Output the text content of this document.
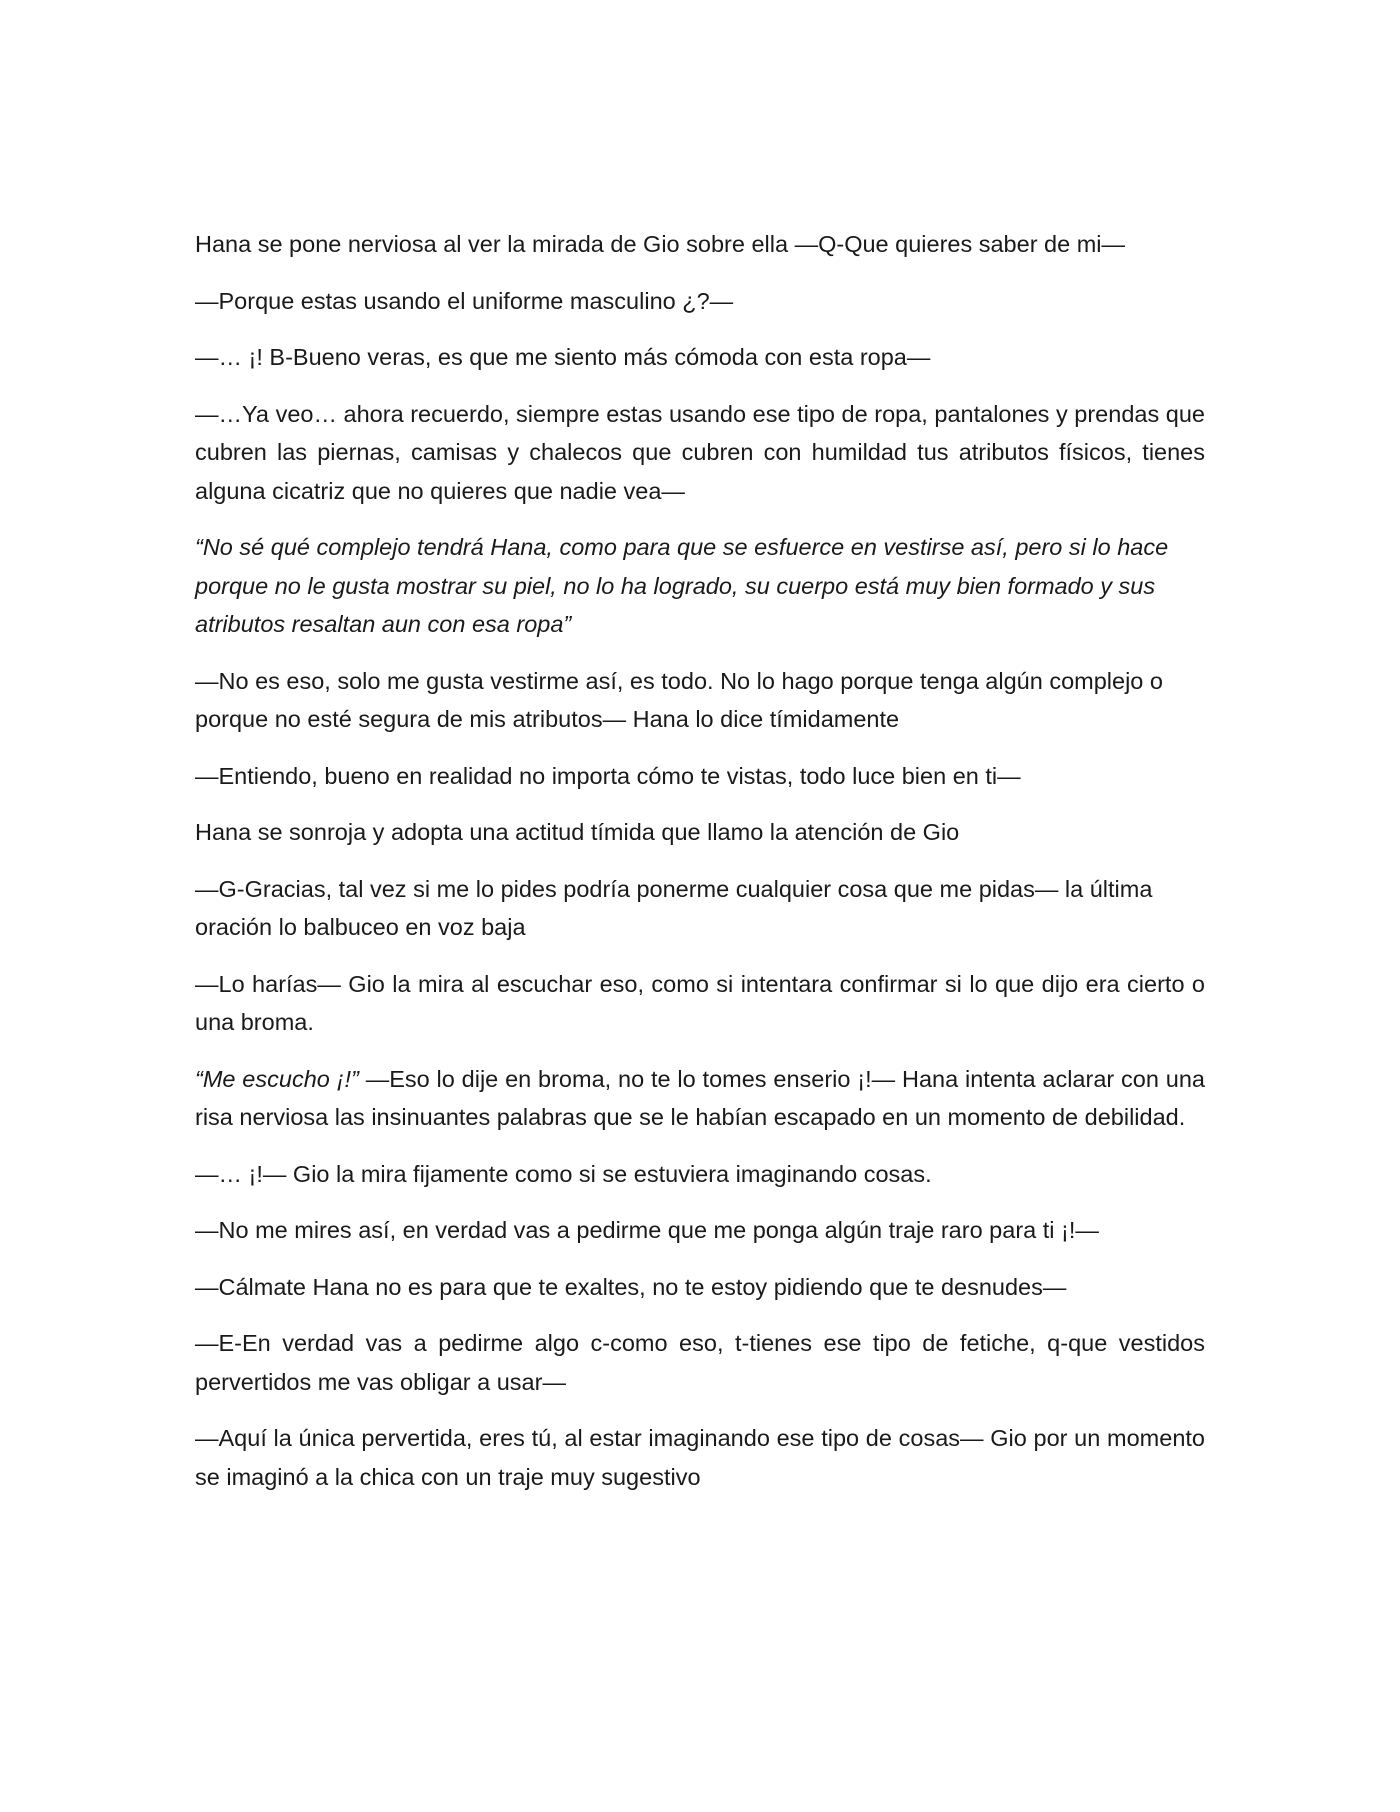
Hana se pone nerviosa al ver la mirada de Gio sobre ella —Q-Que quieres saber de mi—

—Porque estas usando el uniforme masculino ¿?—

—… ¡! B-Bueno veras, es que me siento más cómoda con esta ropa—

—…Ya veo… ahora recuerdo, siempre estas usando ese tipo de ropa, pantalones y prendas que cubren las piernas, camisas y chalecos que cubren con humildad tus atributos físicos, tienes alguna cicatriz que no quieres que nadie vea—

“No sé qué complejo tendrá Hana, como para que se esfuerce en vestirse así, pero si lo hace porque no le gusta mostrar su piel, no lo ha logrado, su cuerpo está muy bien formado y sus atributos resaltan aun con esa ropa”

—No es eso, solo me gusta vestirme así, es todo. No lo hago porque tenga algún complejo o porque no esté segura de mis atributos— Hana lo dice tímidamente

—Entiendo, bueno en realidad no importa cómo te vistas, todo luce bien en ti—

Hana se sonroja y adopta una actitud tímida que llamo la atención de Gio

—G-Gracias, tal vez si me lo pides podría ponerme cualquier cosa que me pidas— la última oración lo balbuceo en voz baja

—Lo harías— Gio la mira al escuchar eso, como si intentara confirmar si lo que dijo era cierto o una broma.

“Me escucho ¡!” —Eso lo dije en broma, no te lo tomes enserio ¡!— Hana intenta aclarar con una risa nerviosa las insinuantes palabras que se le habían escapado en un momento de debilidad.

—… ¡!— Gio la mira fijamente como si se estuviera imaginando cosas.

—No me mires así, en verdad vas a pedirme que me ponga algún traje raro para ti ¡!—

—Cálmate Hana no es para que te exaltes, no te estoy pidiendo que te desnudes—

—E-En verdad vas a pedirme algo c-como eso, t-tienes ese tipo de fetiche, q-que vestidos pervertidos me vas obligar a usar—

—Aquí la única pervertida, eres tú, al estar imaginando ese tipo de cosas— Gio por un momento se imaginó a la chica con un traje muy sugestivo
